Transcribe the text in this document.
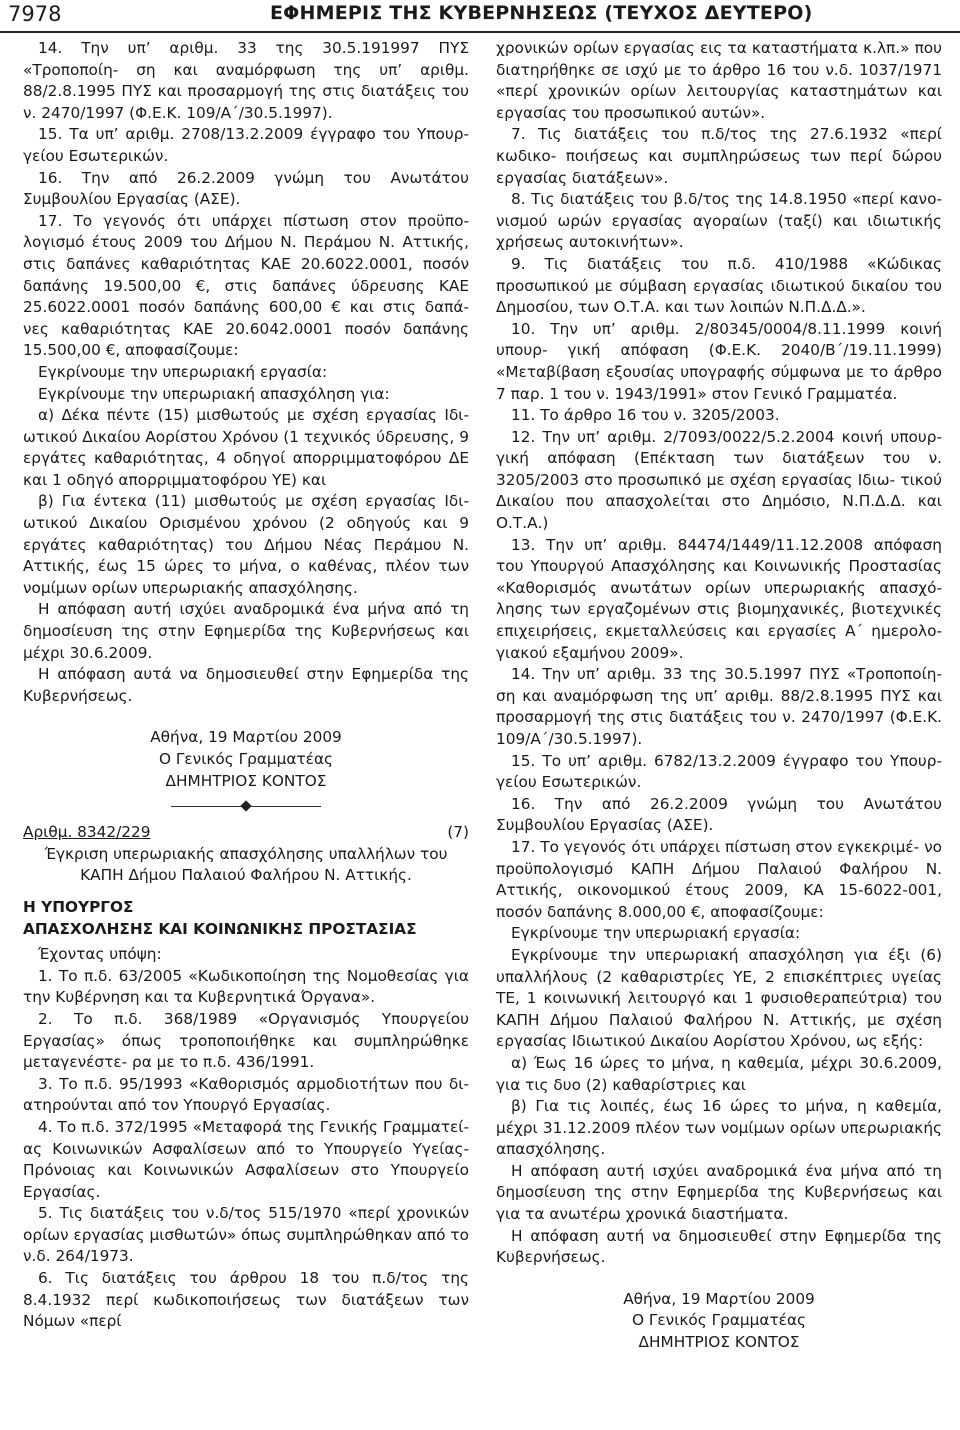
7978	ΕΦΗΜΕΡΙΣ ΤΗΣ ΚΥΒΕΡΝΗΣΕΩΣ (ΤΕΥΧΟΣ ΔΕΥΤΕΡΟ)

14. Την υπ’ αριθμ. 33 της 30.5.191997 ΠΥΣ «Τροποποίη- ση και αναμόρφωση της υπ’ αριθμ. 88/2.8.1995 ΠΥΣ και προσαρμογή της στις διατάξεις του ν. 2470/1997 (Φ.Ε.Κ. 109/Α΄/30.5.1997).

15. Τα υπ’ αριθμ. 2708/13.2.2009 έγγραφο του Υπουρ- γείου Εσωτερικών.

16. Την από 26.2.2009 γνώμη του Ανωτάτου Συμβουλίου Εργασίας (ΑΣΕ).

17. Το γεγονός ότι υπάρχει πίστωση στον προϋπο- λογισμό έτους 2009 του Δήμου Ν. Περάμου Ν. Αττικής, στις δαπάνες καθαριότητας ΚΑΕ 20.6022.0001, ποσόν δαπάνης 19.500,00 €, στις δαπάνες ύδρευσης ΚΑΕ 25.6022.0001 ποσόν δαπάνης 600,00 € και στις δαπά- νες καθαριότητας ΚΑΕ 20.6042.0001 ποσόν δαπάνης 15.500,00 €, αποφασίζουμε:

Εγκρίνουμε την υπερωριακή εργασία:

Εγκρίνουμε την υπερωριακή απασχόληση για:

α) Δέκα πέντε (15) μισθωτούς με σχέση εργασίας Ιδι- ωτικού Δικαίου Αορίστου Χρόνου (1 τεχνικός ύδρευσης, 9 εργάτες καθαριότητας, 4 οδηγοί απορριμματοφόρου ΔΕ και 1 οδηγό απορριμματοφόρου ΥΕ) και

β) Για έντεκα (11) μισθωτούς με σχέση εργασίας Ιδι- ωτικού Δικαίου Ορισμένου χρόνου (2 οδηγούς και 9 εργάτες καθαριότητας) του Δήμου Νέας Περάμου Ν. Αττικής, έως 15 ώρες το μήνα, ο καθένας, πλέον των νομίμων ορίων υπερωριακής απασχόλησης.

Η απόφαση αυτή ισχύει αναδρομικά ένα μήνα από τη δημοσίευση της στην Εφημερίδα της Κυβερνήσεως και μέχρι 30.6.2009.

Η απόφαση αυτά να δημοσιευθεί στην Εφημερίδα της Κυβερνήσεως.

Αθήνα, 19 Μαρτίου 2009

Ο Γενικός Γραμματέας

ΔΗΜΗΤΡΙΟΣ ΚΟΝΤΟΣ

Αριθμ. 8342/229	(7)

Έγκριση υπερωριακής απασχόλησης υπαλλήλων του ΚΑΠΗ Δήμου Παλαιού Φαλήρου Ν. Αττικής.

Η ΥΠΟΥΡΓΟΣ

ΑΠΑΣΧΟΛΗΣΗΣ ΚΑΙ ΚΟΙΝΩΝΙΚΗΣ ΠΡΟΣΤΑΣΙΑΣ

Έχοντας υπόψη:

1. Το π.δ. 63/2005 «Κωδικοποίηση της Νομοθεσίας για την Κυβέρνηση και τα Κυβερνητικά Όργανα».

2. Το π.δ. 368/1989 «Οργανισμός Υπουργείου Εργασίας» όπως τροποποιήθηκε και συμπληρώθηκε μεταγενέστε- ρα με το π.δ. 436/1991.

3. Το π.δ. 95/1993 «Καθορισμός αρμοδιοτήτων που δι- ατηρούνται από τον Υπουργό Εργασίας.

4. Το π.δ. 372/1995 «Μεταφορά της Γενικής Γραμματεί- ας Κοινωνικών Ασφαλίσεων από το Υπουργείο Υγείας- Πρόνοιας και Κοινωνικών Ασφαλίσεων στο Υπουργείο Εργασίας.

5. Τις διατάξεις του ν.δ/τος 515/1970 «περί χρονικών ορίων εργασίας μισθωτών» όπως συμπληρώθηκαν από το ν.δ. 264/1973.

6. Τις διατάξεις του άρθρου 18 του π.δ/τος της 8.4.1932 περί κωδικοποιήσεως των διατάξεων των Νόμων «περί

χρονικών ορίων εργασίας εις τα καταστήματα κ.λπ.» που διατηρήθηκε σε ισχύ με το άρθρο 16 του ν.δ. 1037/1971 «περί χρονικών ορίων λειτουργίας καταστημάτων και εργασίας του προσωπικού αυτών».

7. Τις διατάξεις του π.δ/τος της 27.6.1932 «περί κωδικο- ποιήσεως και συμπληρώσεως των περί δώρου εργασίας διατάξεων».

8. Τις διατάξεις του β.δ/τος της 14.8.1950 «περί κανο- νισμού ωρών εργασίας αγοραίων (ταξί) και ιδιωτικής χρήσεως αυτοκινήτων».

9. Τις διατάξεις του π.δ. 410/1988 «Κώδικας προσωπικού με σύμβαση εργασίας ιδιωτικού δικαίου του Δημοσίου, των Ο.Τ.Α. και των λοιπών Ν.Π.Δ.Δ.».

10. Την υπ’ αριθμ. 2/80345/0004/8.11.1999 κοινή υπουρ- γική απόφαση (Φ.Ε.Κ. 2040/Β΄/19.11.1999) «Μεταβίβαση εξουσίας υπογραφής σύμφωνα με το άρθρο 7 παρ. 1 του ν. 1943/1991» στον Γενικό Γραμματέα.

11. Το άρθρο 16 του ν. 3205/2003.

12. Την υπ’ αριθμ. 2/7093/0022/5.2.2004 κοινή υπουρ- γική απόφαση (Επέκταση των διατάξεων του ν. 3205/2003 στο προσωπικό με σχέση εργασίας Ιδιω- τικού Δικαίου που απασχολείται στο Δημόσιο, Ν.Π.Δ.Δ. και Ο.Τ.Α.)

13. Την υπ’ αριθμ. 84474/1449/11.12.2008 απόφαση του Υπουργού Απασχόλησης και Κοινωνικής Προστασίας «Καθορισμός ανωτάτων ορίων υπερωριακής απασχό- λησης των εργαζομένων στις βιομηχανικές, βιοτεχνικές επιχειρήσεις, εκμεταλλεύσεις και εργασίες Α΄ ημερολο- γιακού εξαμήνου 2009».

14. Την υπ’ αριθμ. 33 της 30.5.1997 ΠΥΣ «Τροποποίη- ση και αναμόρφωση της υπ’ αριθμ. 88/2.8.1995 ΠΥΣ και προσαρμογή της στις διατάξεις του ν. 2470/1997 (Φ.Ε.Κ. 109/Α΄/30.5.1997).

15. Το υπ’ αριθμ. 6782/13.2.2009 έγγραφο του Υπουρ- γείου Εσωτερικών.

16. Την από 26.2.2009 γνώμη του Ανωτάτου Συμβουλίου Εργασίας (ΑΣΕ).

17. Το γεγονός ότι υπάρχει πίστωση στον εγκεκριμέ- νο προϋπολογισμό ΚΑΠΗ Δήμου Παλαιού Φαλήρου Ν. Αττικής, οικονομικού έτους 2009, ΚΑ 15-6022-001, ποσόν δαπάνης 8.000,00 €, αποφασίζουμε:

Εγκρίνουμε την υπερωριακή εργασία:

Εγκρίνουμε την υπερωριακή απασχόληση για έξι (6) υπαλλήλους (2 καθαριστρίες ΥΕ, 2 επισκέπτριες υγείας ΤΕ, 1 κοινωνική λειτουργό και 1 φυσιοθεραπεύτρια) του ΚΑΠΗ Δήμου Παλαιού Φαλήρου Ν. Αττικής, με σχέση εργασίας Ιδιωτικού Δικαίου Αορίστου Χρόνου, ως εξής:

α) Έως 16 ώρες το μήνα, η καθεμία, μέχρι 30.6.2009, για τις δυο (2) καθαρίστριες και

β) Για τις λοιπές, έως 16 ώρες το μήνα, η καθεμία, μέχρι 31.12.2009 πλέον των νομίμων ορίων υπερωριακής απασχόλησης.

Η απόφαση αυτή ισχύει αναδρομικά ένα μήνα από τη δημοσίευση της στην Εφημερίδα της Κυβερνήσεως και για τα ανωτέρω χρονικά διαστήματα.

Η απόφαση αυτή να δημοσιευθεί στην Εφημερίδα της Κυβερνήσεως.

Αθήνα, 19 Μαρτίου 2009

Ο Γενικός Γραμματέας

ΔΗΜΗΤΡΙΟΣ ΚΟΝΤΟΣ
